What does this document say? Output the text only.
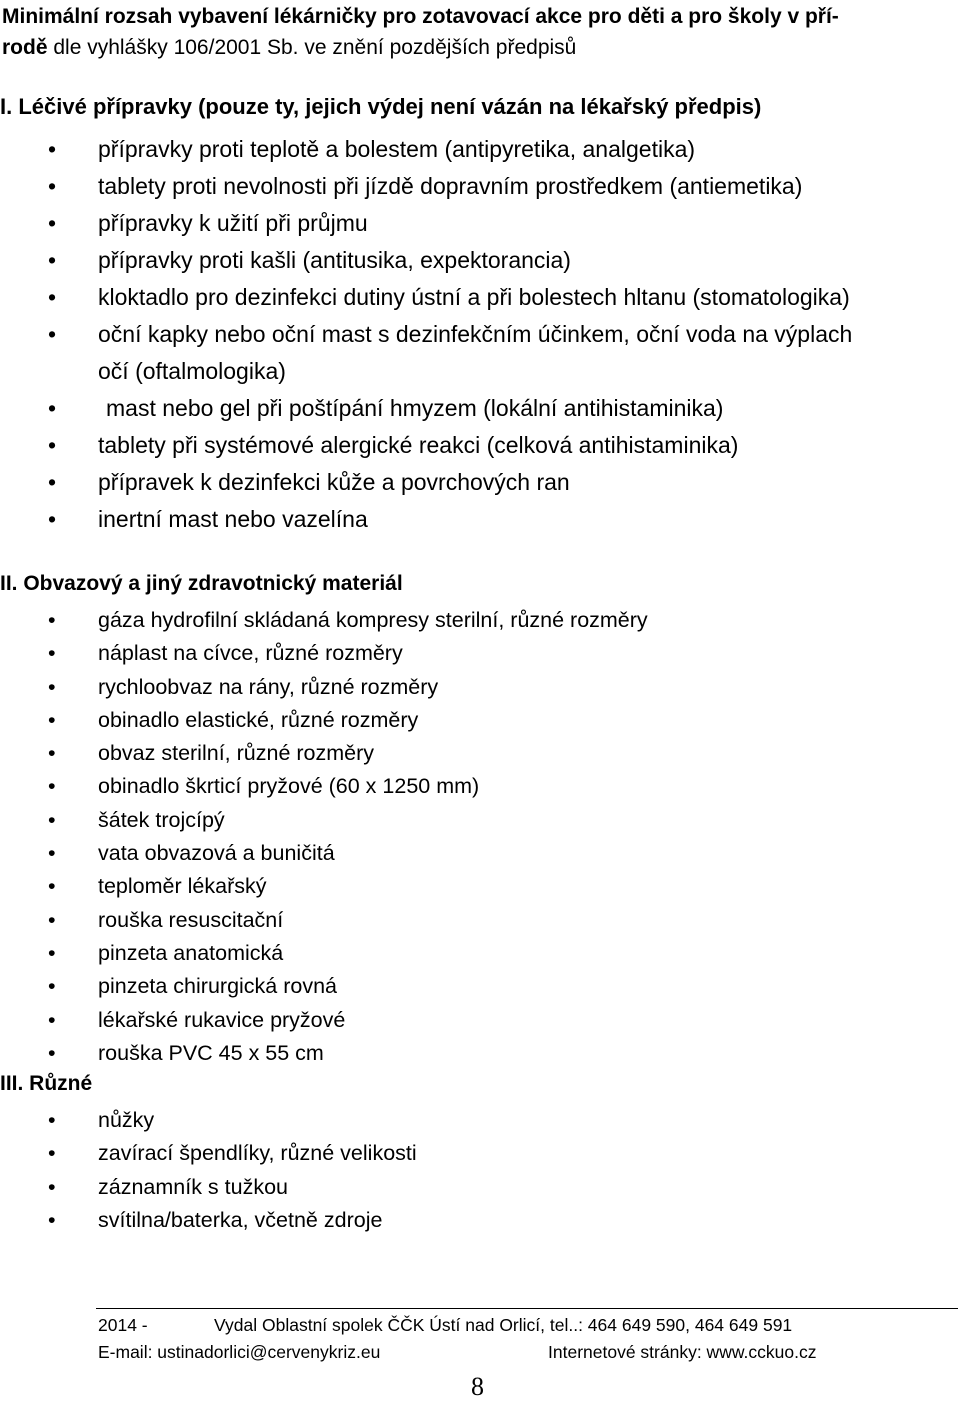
Minimální rozsah vybavení lékárničky pro zotavovací akce pro děti a pro školy v pří-
rodě dle vyhlášky 106/2001 Sb. ve znění pozdějších předpisů
I. Léčivé přípravky (pouze ty, jejich výdej není vázán na lékařský předpis)
• přípravky proti teplotě a bolestem (antipyretika, analgetika)
• tablety proti nevolnosti při jízdě dopravním prostředkem (antiemetika)
• přípravky k užití při průjmu
• přípravky proti kašli (antitusika, expektorancia)
• kloktadlo pro dezinfekci dutiny ústní a při bolestech hltanu (stomatologika)
• oční kapky nebo oční mast s dezinfekčním účinkem, oční voda na výplach očí (oftalmologika)
• mast nebo gel při poštípání hmyzem (lokální antihistaminika)
• tablety při systémové alergické reakci (celková antihistaminika)
• přípravek k dezinfekci kůže a povrchových ran
• inertní mast nebo vazelína
II. Obvazový a jiný zdravotnický materiál
• gáza hydrofilní skládaná kompresy sterilní, různé rozměry
• náplast na cívce, různé rozměry
• rychloobvaz na rány, různé rozměry
• obinadlo elastické, různé rozměry
• obvaz sterilní, různé rozměry
• obinadlo škrticí pryžové (60 x 1250 mm)
• šátek trojcípý
• vata obvazová a buničitá
• teploměr lékařský
• rouška resuscitační
• pinzeta anatomická
• pinzeta chirurgická rovná
• lékařské rukavice pryžové
• rouška PVC 45 x 55 cm
III. Různé
• nůžky
• zavírací špendlíky, různé velikosti
• záznamník s tužkou
• svítilna/baterka, včetně zdroje
2014 -	Vydal Oblastní spolek ČČK Ústí nad Orlicí, tel..: 464 649 590, 464 649 591
E-mail: ustinadorlici@cervenykriz.eu	Internetové stránky: www.cckuo.cz
8
